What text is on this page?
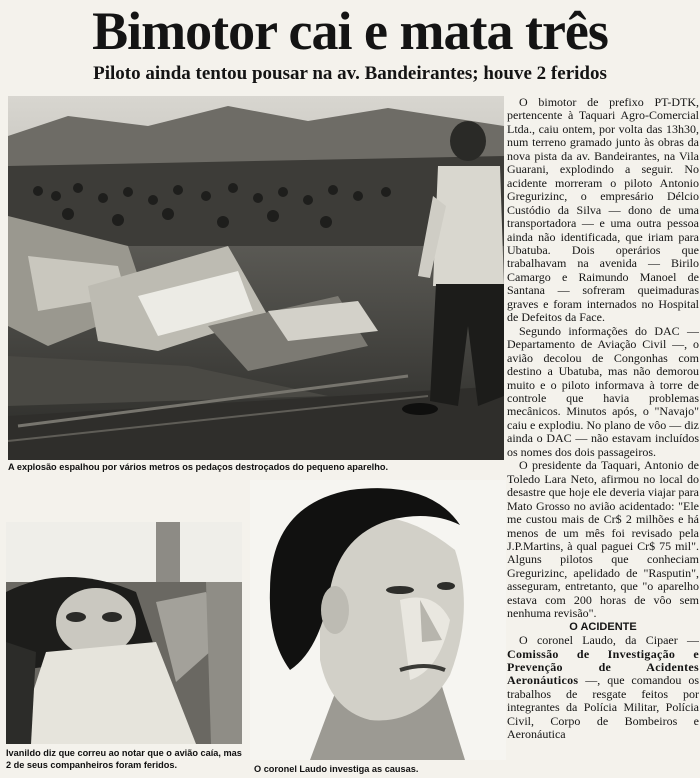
Bimotor cai e mata três
Piloto ainda tentou pousar na av. Bandeirantes; houve 2 feridos
A explosão espalhou por vários metros os pedaços destroçados do pequeno aparelho.
Ivanildo diz que correu ao notar que o avião caía, mas 2 de seus companheiros foram feridos.	O coronel Laudo investiga as causas.

O bimotor de prefixo PT-DTK, pertencente à Taquari Agro-Comercial Ltda., caiu ontem, por volta das 13h30, num terreno gramado junto às obras da nova pista da av. Bandeirantes, na Vila Guarani, explodindo a seguir. No acidente morreram o piloto Antonio Gregurizinc, o empresário Délcio Custódio da Silva — dono de uma transportadora — e uma outra pessoa ainda não identificada, que iriam para Ubatuba. Dois operários que trabalhavam na avenida — Birilo Camargo e Raimundo Manoel de Santana — sofreram queimaduras graves e foram internados no Hospital de Defeitos da Face.

Segundo informações do DAC — Departamento de Aviação Civil —, o avião decolou de Congonhas com destino a Ubatuba, mas não demorou muito e o piloto informava à torre de controle que havia problemas mecânicos. Minutos após, o "Navajo" caiu e explodiu. No plano de vôo — diz ainda o DAC — não estavam incluídos os nomes dos dois passageiros.

O presidente da Taquari, Antonio de Toledo Lara Neto, afirmou no local do desastre que hoje ele deveria viajar para Mato Grosso no avião acidentado: "Ele me custou mais de Cr$ 2 milhões e há menos de um mês foi revisado pela J.P.Martins, à qual paguei Cr$ 75 mil". Alguns pilotos que conheciam Gregurizinc, apelidado de "Rasputin", asseguram, entretanto, que "o aparelho estava com 200 horas de vôo sem nenhuma revisão".

O ACIDENTE

O coronel Laudo, da Cipaer — Comissão de Investigação e Prevenção de Acidentes Aeronáuticos —, que comandou os trabalhos de resgate feitos por integrantes da Polícia Militar, Polícia Civil, Corpo de Bombeiros e Aeronáutica
